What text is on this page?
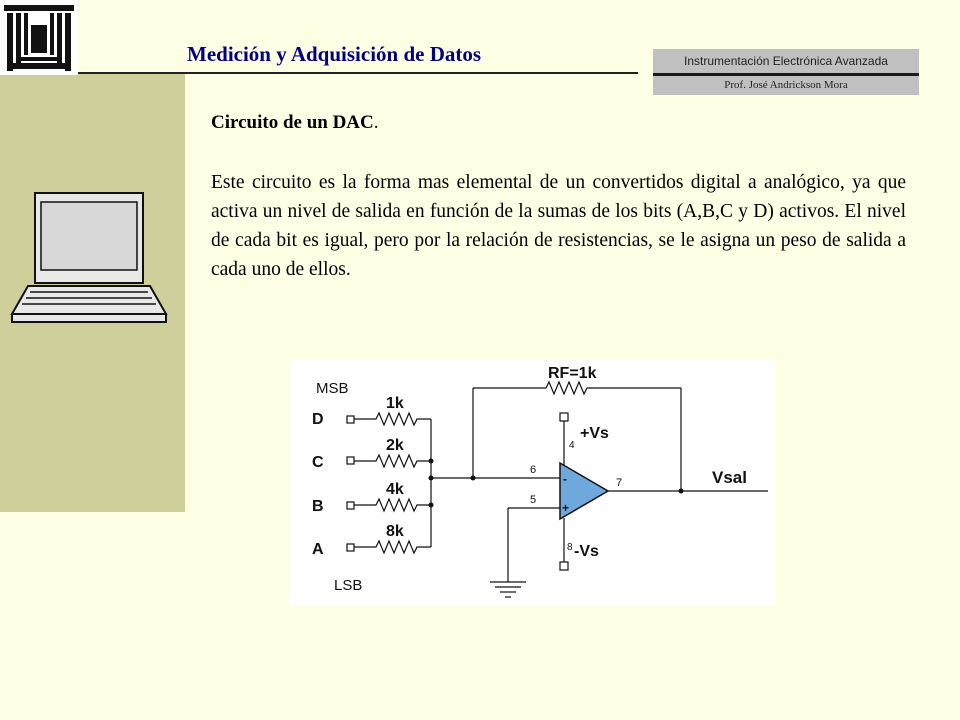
Medición y Adquisición de Datos	Instrumentación Electrónica Avanzada
Prof. José Andrickson Mora
Circuito de un DAC.
Este circuito es la forma mas elemental de un convertidos digital a analógico, ya que activa un nivel de salida en función de la sumas de los bits (A,B,C y D) activos. El nivel de cada bit es igual, pero por la relación de resistencias, se le asigna un peso de salida a cada uno de ellos.
MSB
LSB
D
C
B
A
1k
2k
4k
8k
RF=1k
+Vs
-Vs
4
8
6
5
7
-
+
Vsal
